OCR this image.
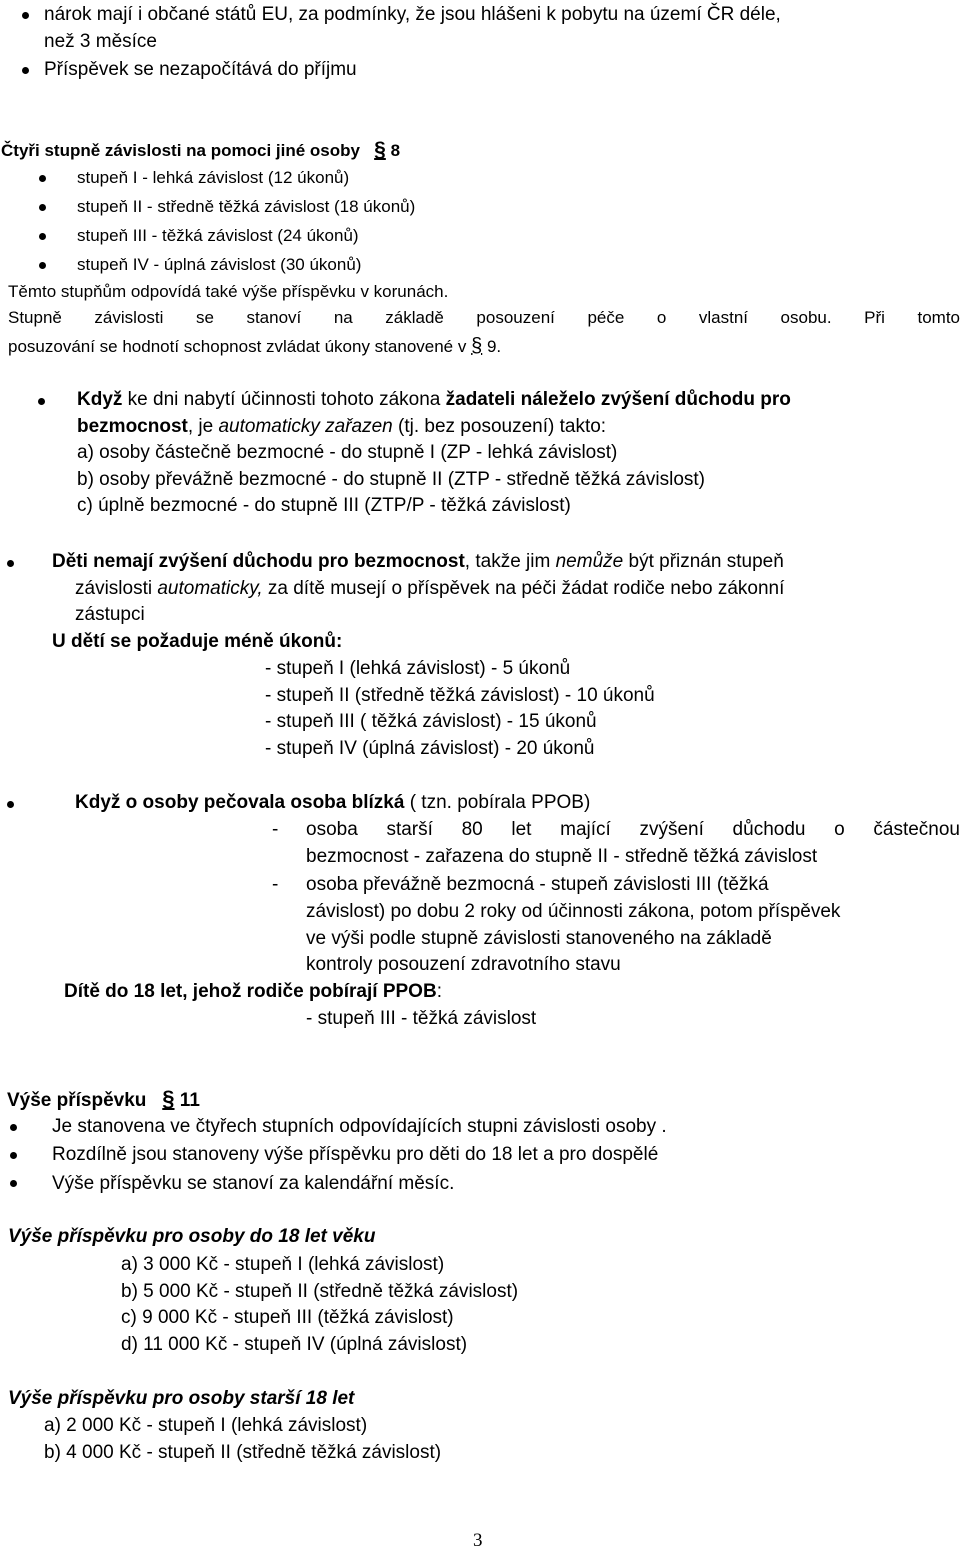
nárok mají i občané států EU, za podmínky, že jsou hlášeni k pobytu na území ČR déle,
než 3 měsíce
Příspěvek se nezapočítává do příjmu
Čtyři stupně závislosti na pomoci jiné osoby § 8
stupeň I - lehká závislost (12 úkonů)
stupeň II - středně těžká závislost (18 úkonů)
stupeň III - těžká závislost (24 úkonů)
stupeň IV - úplná závislost (30 úkonů)
Těmto stupňům odpovídá také výše příspěvku v korunách.
Stupně závislosti se stanoví na základě posouzení péče o vlastní osobu. Při tomto
posuzování se hodnotí schopnost zvládat úkony stanovené v § 9.
Když ke dni nabytí účinnosti tohoto zákona žadateli náleželo zvýšení důchodu pro
bezmocnost, je automaticky zařazen (tj. bez posouzení) takto:
a) osoby částečně bezmocné - do stupně I (ZP - lehká závislost)
b) osoby převážně bezmocné - do stupně II (ZTP - středně těžká závislost)
c) úplně bezmocné - do stupně III (ZTP/P - těžká závislost)
Děti nemají zvýšení důchodu pro bezmocnost, takže jim nemůže být přiznán stupeň
závislosti automaticky, za dítě musejí o příspěvek na péči žádat rodiče nebo zákonní
zástupci
U dětí se požaduje méně úkonů:
- stupeň I (lehká závislost) - 5 úkonů
- stupeň II (středně těžká závislost) - 10 úkonů
- stupeň III ( těžká závislost) - 15 úkonů
- stupeň IV (úplná závislost) - 20 úkonů
Když o osoby pečovala osoba blízká ( tzn. pobírala PPOB)
- osoba starší 80 let mající zvýšení důchodu o částečnou
bezmocnost - zařazena do stupně II - středně těžká závislost
- osoba převážně bezmocná - stupeň závislosti III (těžká
závislost) po dobu 2 roky od účinnosti zákona, potom příspěvek
ve výši podle stupně závislosti stanoveného na základě
kontroly posouzení zdravotního stavu
Dítě do 18 let, jehož rodiče pobírají PPOB:
- stupeň III - těžká závislost
Výše příspěvku § 11
Je stanovena ve čtyřech stupních odpovídajících stupni závislosti osoby .
Rozdílně jsou stanoveny výše příspěvku pro děti do 18 let a pro dospělé
Výše příspěvku se stanoví za kalendářní měsíc.
Výše příspěvku pro osoby do 18 let věku
a) 3 000 Kč - stupeň I (lehká závislost)
b) 5 000 Kč - stupeň II (středně těžká závislost)
c) 9 000 Kč - stupeň III (těžká závislost)
d) 11 000 Kč - stupeň IV (úplná závislost)
Výše příspěvku pro osoby starší 18 let
a) 2 000 Kč - stupeň I (lehká závislost)
b) 4 000 Kč - stupeň II (středně těžká závislost)
3
